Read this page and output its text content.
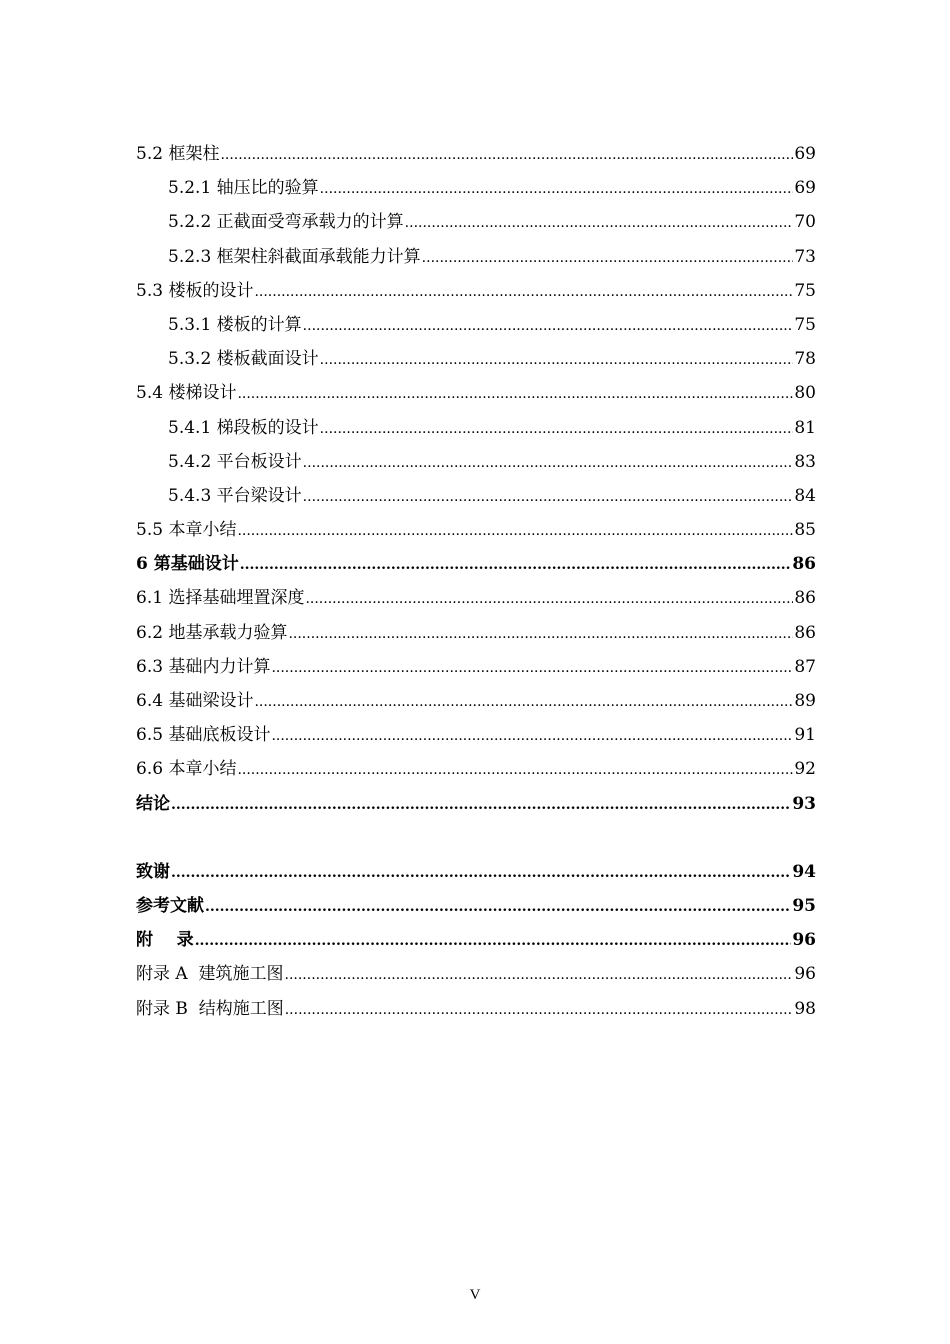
5.2 框架柱 .....	69
5.2.1 轴压比的验算 .....	69
5.2.2 正截面受弯承载力的计算 .....	70
5.2.3 框架柱斜截面承载能力计算 .....	73
5.3 楼板的设计 .....	75
5.3.1 楼板的计算 .....	75
5.3.2 楼板截面设计 .....	78
5.4 楼梯设计 .....	80
5.4.1 梯段板的设计 .....	81
5.4.2 平台板设计 .....	83
5.4.3 平台梁设计 .....	84
5.5 本章小结 .....	85
6 第基础设计 .....	86
6.1 选择基础埋置深度 .....	86
6.2 地基承载力验算 .....	86
6.3 基础内力计算 .....	87
6.4 基础梁设计 .....	89
6.5 基础底板设计 .....	91
6.6 本章小结 .....	92
结论 .....	93
致谢 .....	94
参考文献 .....	95
附    录 .....	96
附录 A  建筑施工图 .....	96
附录 B  结构施工图 .....	98
V
